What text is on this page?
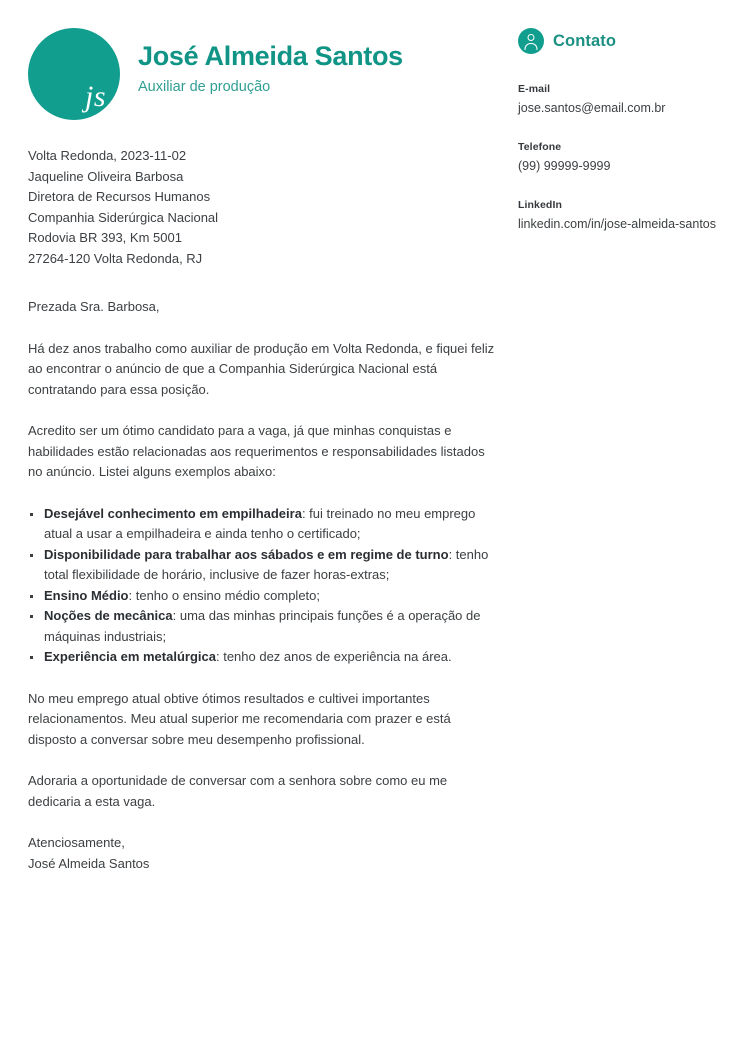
js
José Almeida Santos
Auxiliar de produção
Volta Redonda, 2023-11-02
Jaqueline Oliveira Barbosa
Diretora de Recursos Humanos
Companhia Siderúrgica Nacional
Rodovia BR 393, Km 5001
27264-120 Volta Redonda, RJ
Prezada Sra. Barbosa,

Há dez anos trabalho como auxiliar de produção em Volta Redonda, e fiquei feliz ao encontrar o anúncio de que a Companhia Siderúrgica Nacional está contratando para essa posição.

Acredito ser um ótimo candidato para a vaga, já que minhas conquistas e habilidades estão relacionadas aos requerimentos e responsabilidades listados no anúncio. Listei alguns exemplos abaixo:

Desejável conhecimento em empilhadeira: fui treinado no meu emprego atual a usar a empilhadeira e ainda tenho o certificado;
Disponibilidade para trabalhar aos sábados e em regime de turno: tenho total flexibilidade de horário, inclusive de fazer horas-extras;
Ensino Médio: tenho o ensino médio completo;
Noções de mecânica: uma das minhas principais funções é a operação de máquinas industriais;
Experiência em metalúrgica: tenho dez anos de experiência na área.

No meu emprego atual obtive ótimos resultados e cultivei importantes relacionamentos. Meu atual superior me recomendaria com prazer e está disposto a conversar sobre meu desempenho profissional.

Adoraria a oportunidade de conversar com a senhora sobre como eu me dedicaria a esta vaga.

Atenciosamente,
José Almeida Santos
Contato
E-mail
jose.santos@email.com.br
Telefone
(99) 99999-9999
LinkedIn
linkedin.com/in/jose-almeida-santos
